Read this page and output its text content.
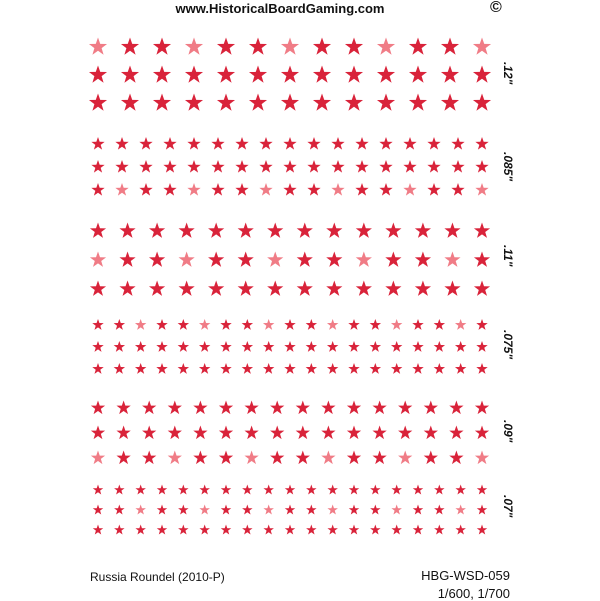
www.HistoricalBoardGaming.com	©
.12"
.085"
.11"
.075"
.09"
.07"
Russia Roundel (2010-P)	HBG-WSD-059
1/600, 1/700
